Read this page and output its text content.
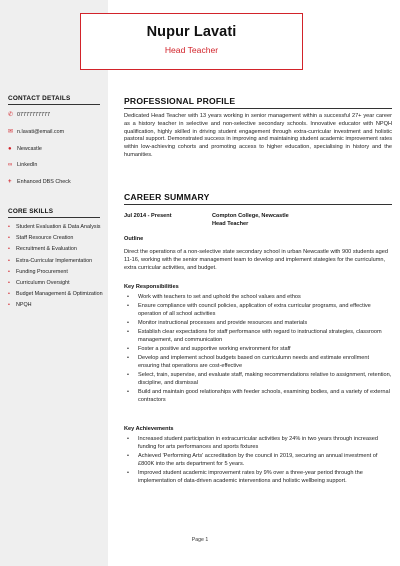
Nupur Lavati
Head Teacher
CONTACT DETAILS
✆ 07777777777
✉ n.lavati@email.com
● Newcastle
∞ LinkedIn
+	Enhanced DBS Check
CORE SKILLS
• Student Evaluation & Data Analysis
• Staff Resource Creation
• Recruitment & Evaluation
• Extra-Curricular Implementation
• Funding Procurement
• Curriculumn Oversight
• Budget Management & Optimization
• NPQH
PROFESSIONAL PROFILE
Dedicated Head Teacher with 13 years working in senior management within a successful 27+ year career as a history teacher in selective and non-selective secondary schools. Innovative educator with NPQH qualification, highly skilled in driving student engagement through extra-curricular investment and holistic pastoral support. Demonstrated success in improving and maintaining student academic improvement rates within low-achieving cohorts and promoting access to higher education, specialising in history and the humanities.
CAREER SUMMARY
Jul 2014 - Present	Compton College, Newcastle
Head Teacher
Outline
Direct the operations of a non-selective state secondary school in urban Newcastle with 900 students aged 11-16, working with the senior management team to develop and implement stategies for the curriculumn, extra curricular activities, and budget.
Key Responsibilities
• Work with teachers to set and uphold the school values and ethos
• Ensure compliance with council policies, application of extra curricular programs, and effective operation of all school activities
• Monitor instructional processes and provide resources and materials
• Establish clear expectations for staff performance with regard to instructional strategies, classroom management, and communication
• Foster a positive and supportive working environment for staff
• Develop and implement school budgets based on curriculumn needs and estimate enrollment ensuring that operations are cost-effective
• Select, train, supervise, and evaluate staff, making recommendations relative to assignment, retention, discipline, and dismissal
• Build and maintain good relationships with feeder schools, examining bodies, and a variety of external contractors
Key Achievements
• Increased student participation in extracurricular activities by 24% in two years through increased funding for arts performances and sports fixtures
• Achieved 'Performing Arts' accreditation by the council in 2019, securing an annual investment of £800K into the arts department for 5 years.
• Improved student academic improvement rates by 9% over a three-year period through the implementation of data-driven academic interventions and holistic wellbeing support.
Page 1
